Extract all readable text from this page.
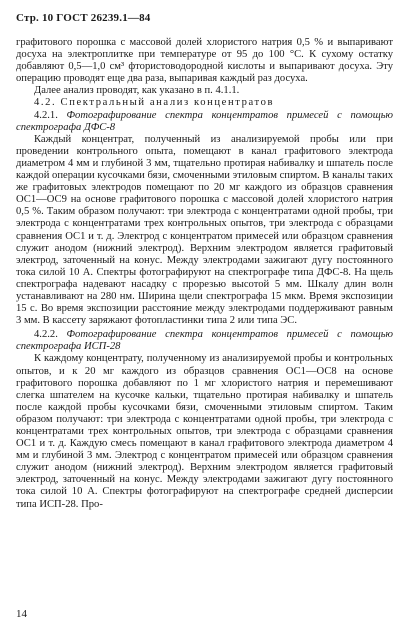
Стр. 10 ГОСТ 26239.1—84

графитового порошка с массовой долей хлористого натрия 0,5 % и выпаривают досуха на электроплитке при температуре от 95 до 100 °С. К сухому остатку добавляют 0,5—1,0 см³ фтористоводородной кислоты и выпаривают досуха. Эту операцию проводят еще два раза, выпаривая каждый раз досуха.

Далее анализ проводят, как указано в п. 4.1.1.

4.2. Спектральный анализ концентратов

4.2.1. Фотографирование спектра концентратов примесей с помощью спектрографа ДФС-8

Каждый концентрат, полученный из анализируемой пробы или при проведении контрольного опыта, помещают в канал графитового электрода диаметром 4 мм и глубиной 3 мм, тщательно протирая набивалку и шпатель после каждой операции кусочками бязи, смоченными этиловым спиртом. В каналы таких же графитовых электродов помещают по 20 мг каждого из образцов сравнения ОС1—ОС9 на основе графитового порошка с массовой долей хлористого натрия 0,5 %. Таким образом получают: три электрода с концентратами одной пробы, три электрода с концентратами трех контрольных опытов, три электрода с образцами сравнения ОС1 и т. д. Электрод с концентратом примесей или образцом сравнения служит анодом (нижний электрод). Верхним электродом является графитовый электрод, заточенный на конус. Между электродами зажигают дугу постоянного тока силой 10 А. Спектры фотографируют на спектрографе типа ДФС-8. На щель спектрографа надевают насадку с прорезью высотой 5 мм. Шкалу длин волн устанавливают на 280 нм. Ширина щели спектрографа 15 мкм. Время экспозиции 15 с. Во время экспозиции расстояние между электродами поддерживают равным 3 мм. В кассету заряжают фотопластинки типа 2 или типа ЭС.

4.2.2. Фотографирование спектра концентратов примесей с помощью спектрографа ИСП-28

К каждому концентрату, полученному из анализируемой пробы и контрольных опытов, и к 20 мг каждого из образцов сравнения ОС1—ОС8 на основе графитового порошка добавляют по 1 мг хлористого натрия и перемешивают слегка шпателем на кусочке кальки, тщательно протирая набивалку и шпатель после каждой пробы кусочками бязи, смоченными этиловым спиртом. Таким образом получают: три электрода с концентратами одной пробы, три электрода с концентратами трех контрольных опытов, три электрода с образцами сравнения ОС1 и т. д. Каждую смесь помещают в канал графитового электрода диаметром 4 мм и глубиной 3 мм. Электрод с концентратом примесей или образцом сравнения служит анодом (нижний электрод). Верхним электродом является графитовый электрод, заточенный на конус. Между электродами зажигают дугу постоянного тока силой 10 А. Спектры фотографируют на спектрографе средней дисперсии типа ИСП-28. Про-

14
